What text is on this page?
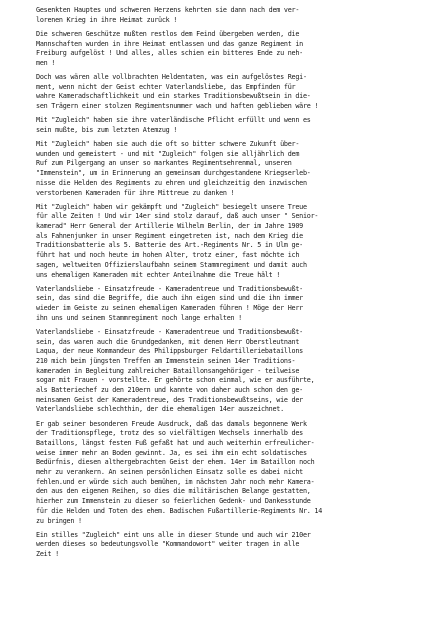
Gesenkten Hauptes und schweren Herzens kehrten sie dann nach dem ver-
lorenen Krieg in ihre Heimat zurück !

Die schweren Geschütze mußten restlos dem Feind übergeben werden, die
Mannschaften wurden in ihre Heimat entlassen und das ganze Regiment in
Freiburg aufgelöst ! Und alles, alles schien ein bitteres Ende zu neh-
men !

Doch was wären alle vollbrachten Heldentaten, was ein aufgelöstes Regi-
ment, wenn nicht der Geist echter Vaterlandsliebe, das Empfinden für
wahre Kameradschaftlichkeit und ein starkes Traditionsbewußtsein in die-
sen Trägern einer stolzen Regimentsnummer wach und haften geblieben wäre !

Mit "Zugleich" haben sie ihre vaterländische Pflicht erfüllt und wenn es
sein mußte, bis zum letzten Atemzug !

Mit "Zugleich" haben sie auch die oft so bitter schwere Zukunft über-
wunden und gemeistert - und mit "Zugleich" folgen sie alljährlich dem
Ruf zum Pilgergang an unser so markantes Regimentsehrenmal, unseren
"Immenstein", um in Erinnerung an gemeinsam durchgestandene Kriegserleb-
nisse die Helden des Regiments zu ehren und gleichzeitig den inzwischen
verstorbenen Kameraden für ihre Mittreue zu danken !

Mit "Zugleich" haben wir gekämpft und "Zugleich" besiegelt unsere Treue
für alle Zeiten ! Und wir 14er sind stolz darauf, daß auch unser " Senior-
kamerad" Herr General der Artillerie Wilhelm Berlin, der im Jahre 1909
als Fahnenjunker in unser Regiment eingetreten ist, nach dem Krieg die
Traditionsbatterie als 5. Batterie des Art.-Regiments Nr. 5 in Ulm ge-
führt hat und noch heute im hohen Alter, trotz einer, fast möchte ich
sagen, weltweiten Offizierslaufbahn seinem Stammregiment und damit auch
uns ehemaligen Kameraden mit echter Anteilnahme die Treue hält !

Vaterlandsliebe - Einsatzfreude - Kameradentreue und Traditionsbewußt-
sein, das sind die Begriffe, die auch ihn eigen sind und die ihn immer
wieder im Geiste zu seinen ehemaligen Kameraden führen ! Möge der Herr
ihn uns und seinem Stammregiment noch lange erhalten !

Vaterlandsliebe - Einsatzfreude - Kameradentreue und Traditionsbewußt-
sein, das waren auch die Grundgedanken, mit denen Herr Oberstleutnant
Laqua, der neue Kommandeur des Philippsburger Feldartilleriebataillons
210 mich beim jüngsten Treffen am Immenstein seinen 14er Traditions-
kameraden in Begleitung zahlreicher Bataillonsangehöriger - teilweise
sogar mit Frauen - vorstellte. Er gehörte schon einmal, wie er ausführte,
als Batteriechef zu den 210ern und kannte von daher auch schon den ge-
meinsamen Geist der Kameradentreue, des Traditionsbewußtseins, wie der
Vaterlandsliebe schlechthin, der die ehemaligen 14er auszeichnet.

Er gab seiner besonderen Freude Ausdruck, daß das damals begonnene Werk
der Traditionspflege, trotz des so vielfältigen Wechsels innerhalb des
Bataillons, längst festen Fuß gefaßt hat und auch weiterhin erfreulicher-
weise immer mehr an Boden gewinnt. Ja, es sei ihm ein echt soldatisches
Bedürfnis, diesen althergebrachten Geist der ehem. 14er im Bataillon noch
mehr zu verankern. An seinen persönlichen Einsatz solle es dabei nicht
fehlen.und er würde sich auch bemühen, im nächsten Jahr noch mehr Kamera-
den aus den eigenen Reihen, so dies die militärischen Belange gestatten,
hierher zum Immenstein zu dieser so feierlichen Gedenk- und Dankesstunde
für die Helden und Toten des ehem. Badischen Fußartillerie-Regiments Nr. 14
zu bringen !

Ein stilles "Zugleich" eint uns alle in dieser Stunde und auch wir 210er
werden dieses so bedeutungsvolle "Kommandowort" weiter tragen in alle
Zeit !
